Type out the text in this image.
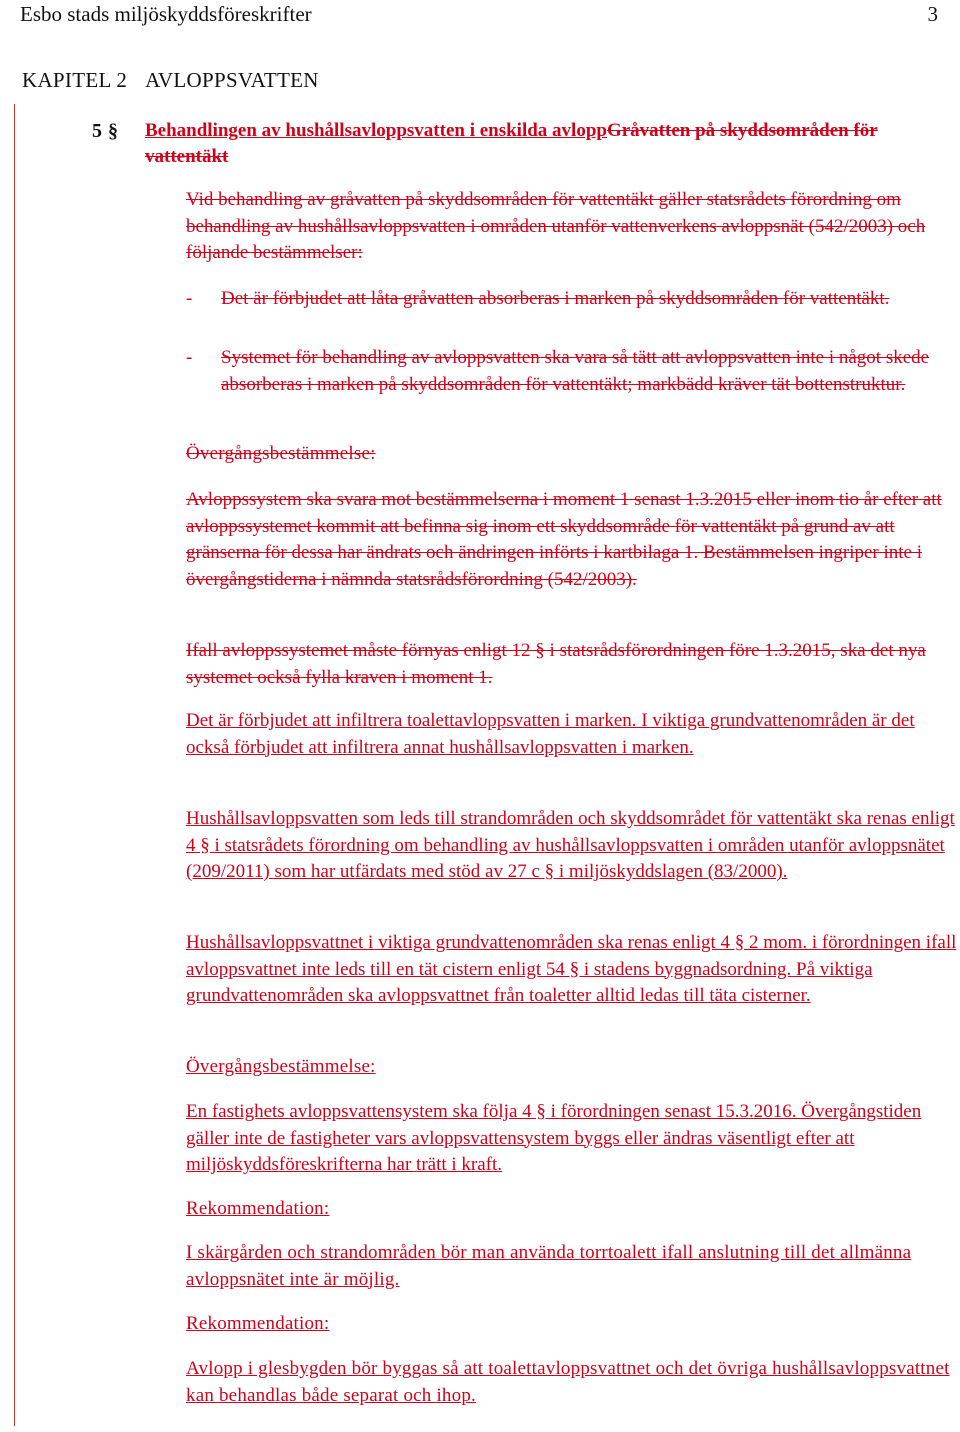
Esbo stads miljöskyddsföreskrifter	3
KAPITEL 2 AVLOPPSVATTEN
5 § Behandlingen av hushållsavloppsvatten i enskilda avloppGråvatten på skyddsområden för vattentäkt

Vid behandling av gråvatten på skyddsområden för vattentäkt gäller statsrådets förordning om behandling av hushållsavloppsvatten i områden utanför vattenverkens avloppsnät (542/2003) och följande bestämmelser:

-	Det är förbjudet att låta gråvatten absorberas i marken på skyddsområden för vattentäkt.
-	Systemet för behandling av avloppsvatten ska vara så tätt att avloppsvatten inte i något skede absorberas i marken på skyddsområden för vattentäkt; markbädd kräver tät bottenstruktur.

Övergångsbestämmelse:

Avloppssystem ska svara mot bestämmelserna i moment 1 senast 1.3.2015 eller inom tio år efter att avloppssystemet kommit att befinna sig inom ett skyddsområde för vattentäkt på grund av att gränserna för dessa har ändrats och ändringen införts i kartbilaga 1. Bestämmelsen ingriper inte i övergångstiderna i nämnda statsrådsförordning (542/2003).

Ifall avloppssystemet måste förnyas enligt 12 § i statsrådsförordningen före 1.3.2015, ska det nya systemet också fylla kraven i moment 1.

Det är förbjudet att infiltrera toalettavloppsvatten i marken. I viktiga grundvattenområden är det också förbjudet att infiltrera annat hushållsavloppsvatten i marken.

Hushållsavloppsvatten som leds till strandområden och skyddsområdet för vattentäkt ska renas enligt 4 § i statsrådets förordning om behandling av hushållsavloppsvatten i områden utanför avloppsnätet (209/2011) som har utfärdats med stöd av 27 c § i miljöskyddslagen (83/2000).

Hushållsavloppsvattnet i viktiga grundvattenområden ska renas enligt 4 § 2 mom. i förordningen ifall avloppsvattnet inte leds till en tät cistern enligt 54 § i stadens byggnadsordning. På viktiga grundvattenområden ska avloppsvattnet från toaletter alltid ledas till täta cisterner.

Övergångsbestämmelse:

En fastighets avloppsvattensystem ska följa 4 § i förordningen senast 15.3.2016. Övergångstiden gäller inte de fastigheter vars avloppsvattensystem byggs eller ändras väsentligt efter att miljöskyddsföreskrifterna har trätt i kraft.

Rekommendation:

I skärgården och strandområden bör man använda torrtoalett ifall anslutning till det allmänna avloppsnätet inte är möjlig.

Rekommendation:

Avlopp i glesbygden bör byggas så att toalettavloppsvattnet och det övriga hushållsavloppsvattnet kan behandlas både separat och ihop.
